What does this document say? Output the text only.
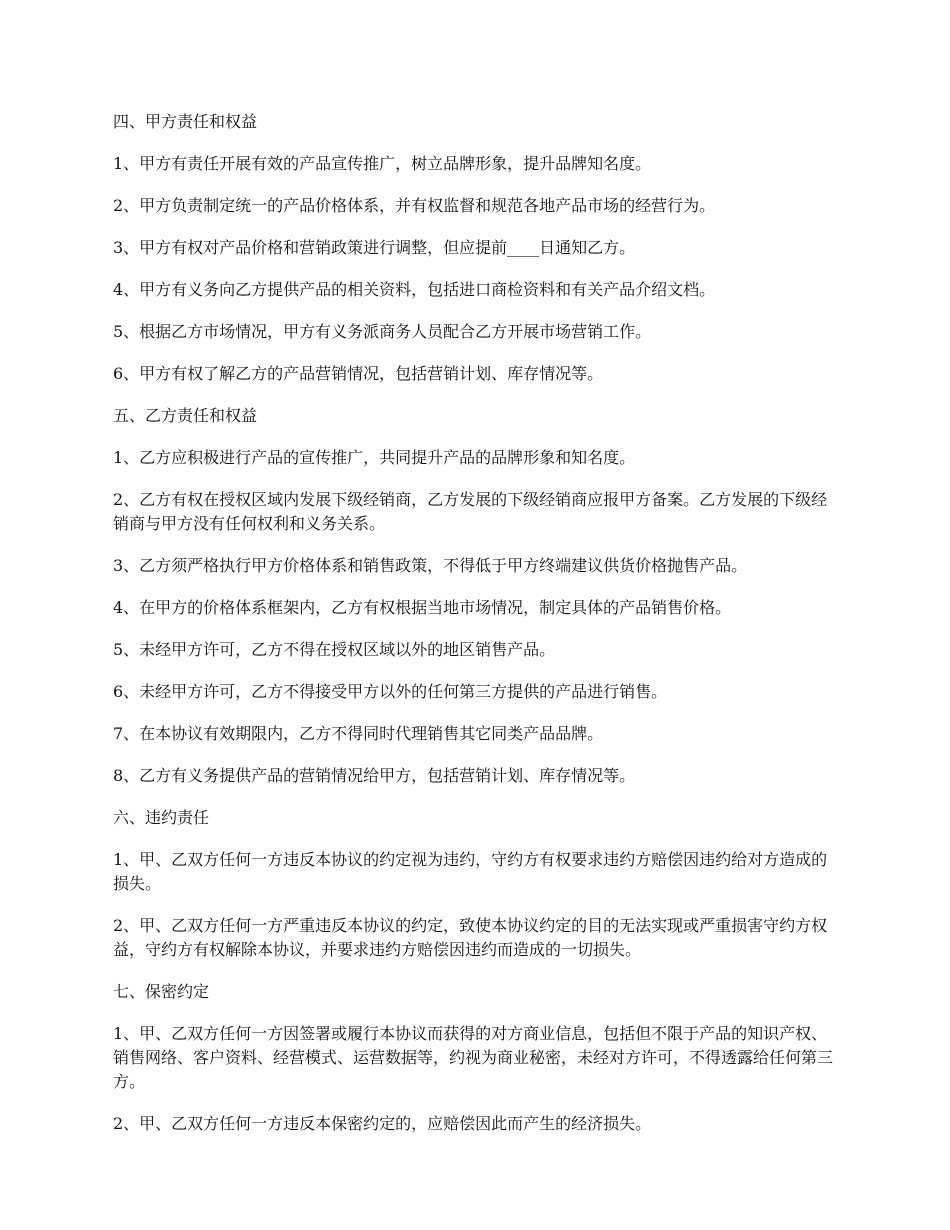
四、甲方责任和权益

1、甲方有责任开展有效的产品宣传推广，树立品牌形象，提升品牌知名度。

2、甲方负责制定统一的产品价格体系，并有权监督和规范各地产品市场的经营行为。

3、甲方有权对产品价格和营销政策进行调整，但应提前____日通知乙方。

4、甲方有义务向乙方提供产品的相关资料，包括进口商检资料和有关产品介绍文档。

5、根据乙方市场情况，甲方有义务派商务人员配合乙方开展市场营销工作。

6、甲方有权了解乙方的产品营销情况，包括营销计划、库存情况等。

五、乙方责任和权益

1、乙方应积极进行产品的宣传推广，共同提升产品的品牌形象和知名度。

2、乙方有权在授权区域内发展下级经销商，乙方发展的下级经销商应报甲方备案。乙方发展的下级经销商与甲方没有任何权利和义务关系。

3、乙方须严格执行甲方价格体系和销售政策，不得低于甲方终端建议供货价格抛售产品。

4、在甲方的价格体系框架内，乙方有权根据当地市场情况，制定具体的产品销售价格。

5、未经甲方许可，乙方不得在授权区域以外的地区销售产品。

6、未经甲方许可，乙方不得接受甲方以外的任何第三方提供的产品进行销售。

7、在本协议有效期限内，乙方不得同时代理销售其它同类产品品牌。

8、乙方有义务提供产品的营销情况给甲方，包括营销计划、库存情况等。

六、违约责任

1、甲、乙双方任何一方违反本协议的约定视为违约，守约方有权要求违约方赔偿因违约给对方造成的损失。

2、甲、乙双方任何一方严重违反本协议的约定，致使本协议约定的目的无法实现或严重损害守约方权益，守约方有权解除本协议，并要求违约方赔偿因违约而造成的一切损失。

七、保密约定

1、甲、乙双方任何一方因签署或履行本协议而获得的对方商业信息，包括但不限于产品的知识产权、销售网络、客户资料、经营模式、运营数据等，约视为商业秘密，未经对方许可，不得透露给任何第三方。

2、甲、乙双方任何一方违反本保密约定的，应赔偿因此而产生的经济损失。
